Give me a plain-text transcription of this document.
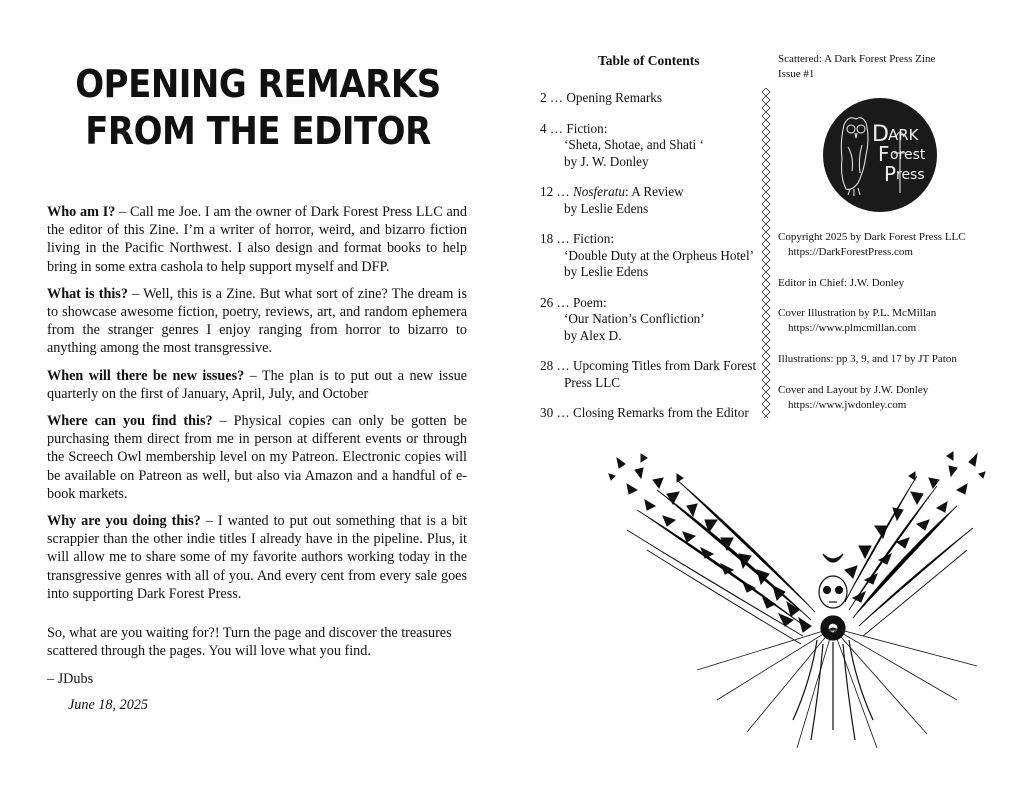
OPENING REMARKS
FROM THE EDITOR

Who am I? – Call me Joe. I am the owner of Dark Forest Press LLC and the editor of this Zine. I’m a writer of horror, weird, and bizarro fiction living in the Pacific Northwest. I also design and format books to help bring in some extra cashola to help support myself and DFP.

What is this? – Well, this is a Zine. But what sort of zine? The dream is to showcase awesome fiction, poetry, reviews, art, and random ephemera from the stranger genres I enjoy ranging from horror to bizarro to anything among the most transgressive.

When will there be new issues? – The plan is to put out a new issue quarterly on the first of January, April, July, and October

Where can you find this? – Physical copies can only be gotten be purchasing them direct from me in person at different events or through the Screech Owl membership level on my Patreon. Electronic copies will be available on Patreon as well, but also via Amazon and a handful of e-book markets.

Why are you doing this? – I wanted to put out something that is a bit scrappier than the other indie titles I already have in the pipeline. Plus, it will allow me to share some of my favorite authors working today in the transgressive genres with all of you. And every cent from every sale goes into supporting Dark Forest Press.

So, what are you waiting for?! Turn the page and discover the treasures scattered through the pages. You will love what you find.

– JDubs
June 18, 2025
Table of Contents
2 … Opening Remarks
4 … Fiction:
‘Sheta, Shotae, and Shati ‘
by J. W. Donley
12 … Nosferatu: A Review
by Leslie Edens
18 … Fiction:
‘Double Duty at the Orpheus Hotel’
by Leslie Edens
26 … Poem:
‘Our Nation’s Confliction’
by Alex D.
28 … Upcoming Titles from Dark Forest
Press LLC
30 … Closing Remarks from the Editor
Scattered: A Dark Forest Press Zine
Issue #1
Copyright 2025 by Dark Forest Press LLC
https://DarkForestPress.com
Editor in Chief: J.W. Donley
Cover Illustration by P.L. McMillan
https://www.plmcmillan.com
Illustrations: pp 3, 9, and 17 by JT Paton
Cover and Layout by J.W. Donley
https://www.jwdonley.com
D ARK
F orest
P ress
